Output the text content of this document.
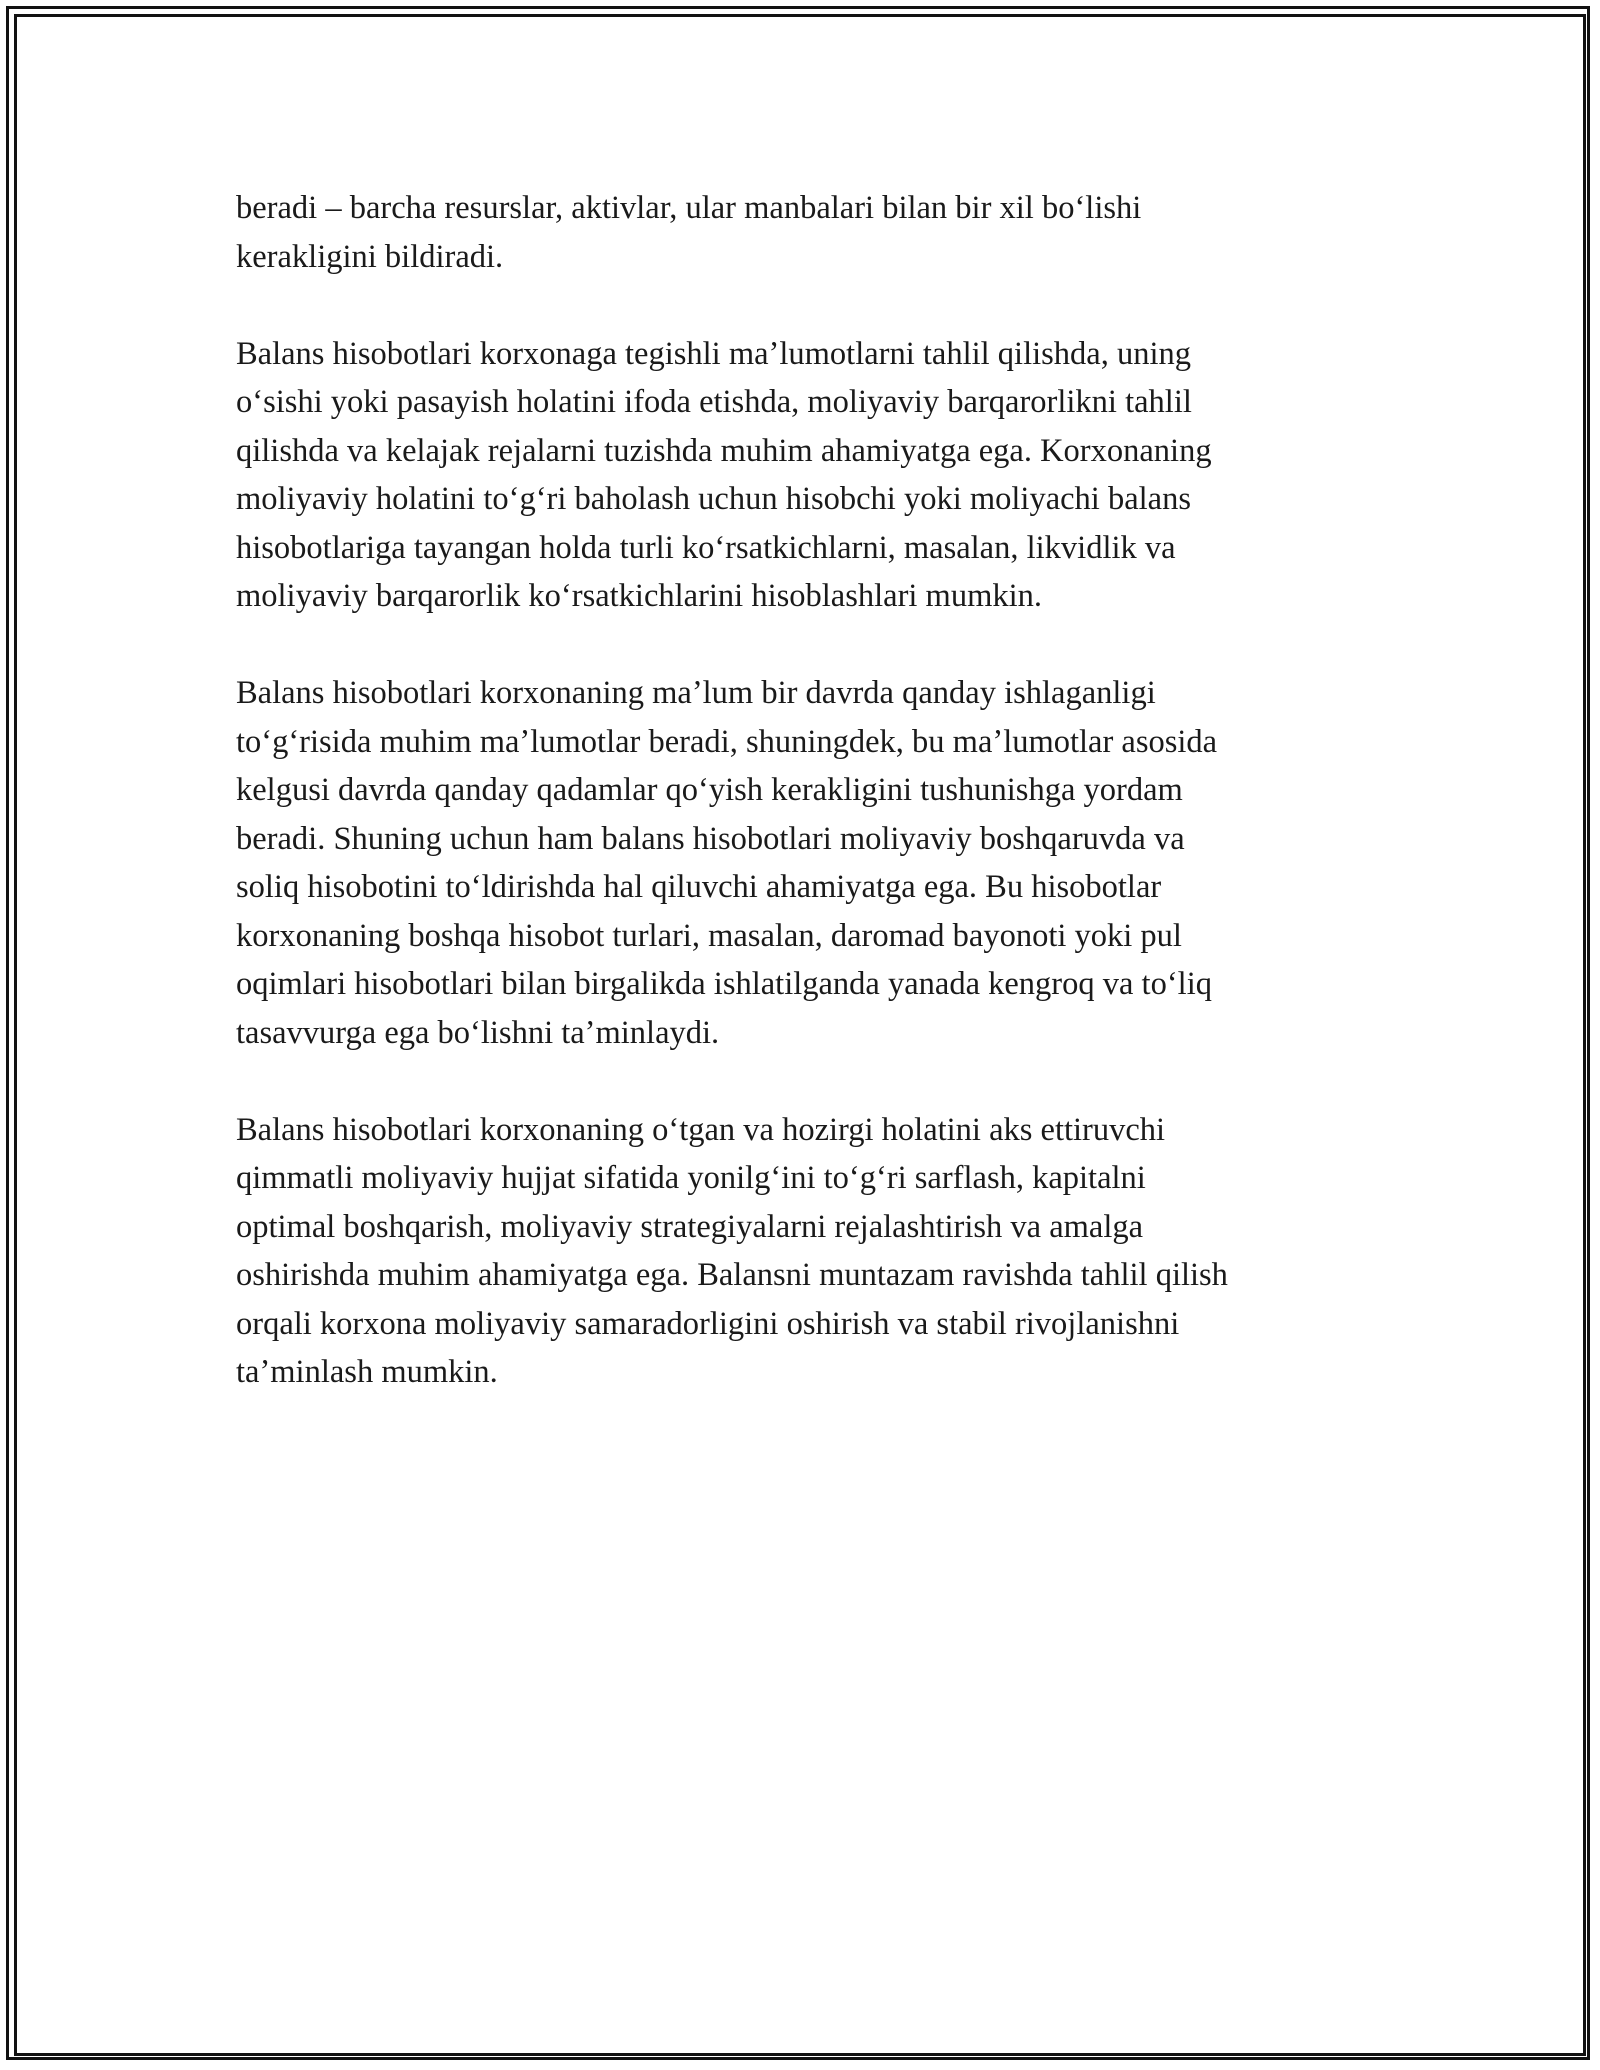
beradi – barcha resurslar, aktivlar, ular manbalari bilan bir xil boʻlishi
kerakligini bildiradi.

Balans hisobotlari korxonaga tegishli maʼlumotlarni tahlil qilishda, uning
oʻsishi yoki pasayish holatini ifoda etishda, moliyaviy barqarorlikni tahlil
qilishda va kelajak rejalarni tuzishda muhim ahamiyatga ega. Korxonaning
moliyaviy holatini toʻgʻri baholash uchun hisobchi yoki moliyachi balans
hisobotlariga tayangan holda turli koʻrsatkichlarni, masalan, likvidlik va
moliyaviy barqarorlik koʻrsatkichlarini hisoblashlari mumkin.

Balans hisobotlari korxonaning maʼlum bir davrda qanday ishlaganligi
toʻgʻrisida muhim maʼlumotlar beradi, shuningdek, bu maʼlumotlar asosida
kelgusi davrda qanday qadamlar qoʻyish kerakligini tushunishga yordam
beradi. Shuning uchun ham balans hisobotlari moliyaviy boshqaruvda va
soliq hisobotini toʻldirishda hal qiluvchi ahamiyatga ega. Bu hisobotlar
korxonaning boshqa hisobot turlari, masalan, daromad bayonoti yoki pul
oqimlari hisobotlari bilan birgalikda ishlatilganda yanada kengroq va toʻliq
tasavvurga ega boʻlishni taʼminlaydi.

Balans hisobotlari korxonaning oʻtgan va hozirgi holatini aks ettiruvchi
qimmatli moliyaviy hujjat sifatida yonilgʻini toʻgʻri sarflash, kapitalni
optimal boshqarish, moliyaviy strategiyalarni rejalashtirish va amalga
oshirishda muhim ahamiyatga ega. Balansni muntazam ravishda tahlil qilish
orqali korxona moliyaviy samaradorligini oshirish va stabil rivojlanishni
taʼminlash mumkin.
